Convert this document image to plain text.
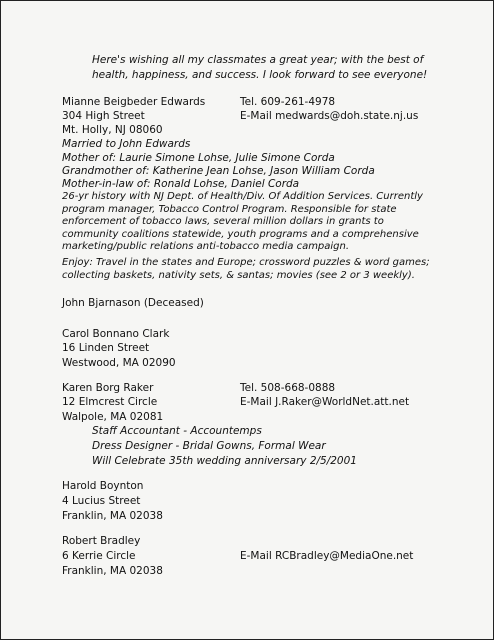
Here's wishing all my classmates a great year; with the best of health, happiness, and success. I look forward to see everyone!
Mianne Beigbeder Edwards	Tel. 609-261-4978
304 High Street	E-Mail medwards@doh.state.nj.us
Mt. Holly, NJ 08060
Married to John Edwards
Mother of: Laurie Simone Lohse, Julie Simone Corda
Grandmother of: Katherine Jean Lohse, Jason William Corda
Mother-in-law of: Ronald Lohse, Daniel Corda
26-yr history with NJ Dept. of Health/Div. Of Addition Services. Currently program manager, Tobacco Control Program. Responsible for state enforcement of tobacco laws, several million dollars in grants to community coalitions statewide, youth programs and a comprehensive marketing/public relations anti-tobacco media campaign.
Enjoy: Travel in the states and Europe; crossword puzzles & word games; collecting baskets, nativity sets, & santas; movies (see 2 or 3 weekly).
John Bjarnason (Deceased)
Carol Bonnano Clark
16 Linden Street
Westwood, MA 02090
Karen Borg Raker	Tel. 508-668-0888
12 Elmcrest Circle	E-Mail J.Raker@WorldNet.att.net
Walpole, MA 02081
Staff Accountant - Accountemps
Dress Designer - Bridal Gowns, Formal Wear
Will Celebrate 35th wedding anniversary 2/5/2001
Harold Boynton
4 Lucius Street
Franklin, MA 02038
Robert Bradley
6 Kerrie Circle	E-Mail RCBradley@MediaOne.net
Franklin, MA 02038
